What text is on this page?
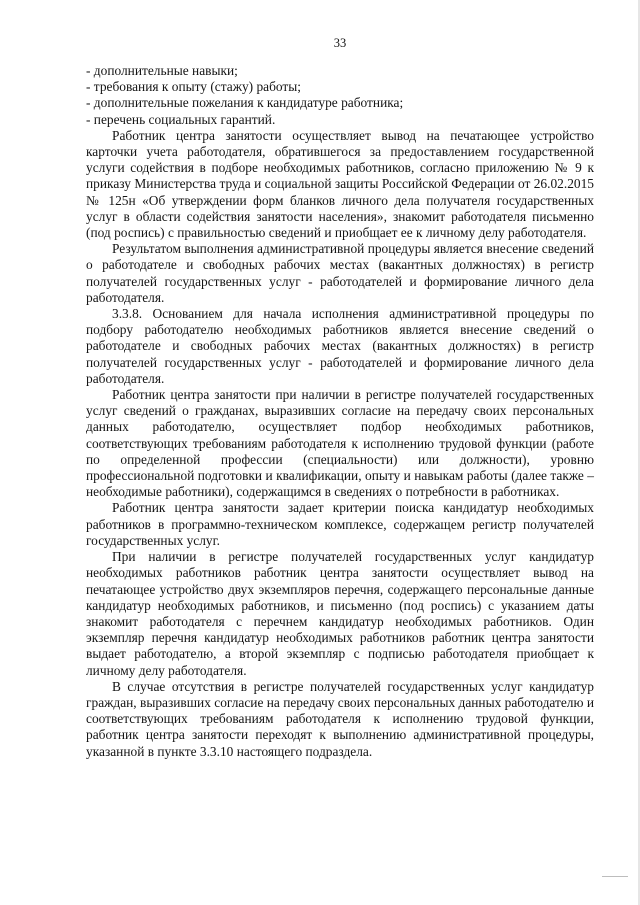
33
- дополнительные навыки;
- требования к опыту (стажу) работы;
- дополнительные пожелания к кандидатуре работника;
- перечень социальных гарантий.

Работник центра занятости осуществляет вывод на печатающее устройство карточки учета работодателя, обратившегося за предоставлением государственной услуги содействия в подборе необходимых работников, согласно приложению № 9 к приказу Министерства труда и социальной защиты Российской Федерации от 26.02.2015 № 125н «Об утверждении форм бланков личного дела получателя государственных услуг в области содействия занятости населения», знакомит работодателя письменно (под роспись) с правильностью сведений и приобщает ее к личному делу работодателя.

Результатом выполнения административной процедуры является внесение сведений о работодателе и свободных рабочих местах (вакантных должностях) в регистр получателей государственных услуг - работодателей и формирование личного дела работодателя.

3.3.8. Основанием для начала исполнения административной процедуры по подбору работодателю необходимых работников является внесение сведений о работодателе и свободных рабочих местах (вакантных должностях) в регистр получателей государственных услуг - работодателей и формирование личного дела работодателя.

Работник центра занятости при наличии в регистре получателей государственных услуг сведений о гражданах, выразивших согласие на передачу своих персональных данных работодателю, осуществляет подбор необходимых работников, соответствующих требованиям работодателя к исполнению трудовой функции (работе по определенной профессии (специальности) или должности), уровню профессиональной подготовки и квалификации, опыту и навыкам работы (далее также – необходимые работники), содержащимся в сведениях о потребности в работниках.

Работник центра занятости задает критерии поиска кандидатур необходимых работников в программно-техническом комплексе, содержащем регистр получателей государственных услуг.

При наличии в регистре получателей государственных услуг кандидатур необходимых работников работник центра занятости осуществляет вывод на печатающее устройство двух экземпляров перечня, содержащего персональные данные кандидатур необходимых работников, и письменно (под роспись) с указанием даты знакомит работодателя с перечнем кандидатур необходимых работников. Один экземпляр перечня кандидатур необходимых работников работник центра занятости выдает работодателю, а второй экземпляр с подписью работодателя приобщает к личному делу работодателя.

В случае отсутствия в регистре получателей государственных услуг кандидатур граждан, выразивших согласие на передачу своих персональных данных работодателю и соответствующих требованиям работодателя к исполнению трудовой функции, работник центра занятости переходят к выполнению административной процедуры, указанной в пункте 3.3.10 настоящего подраздела.
